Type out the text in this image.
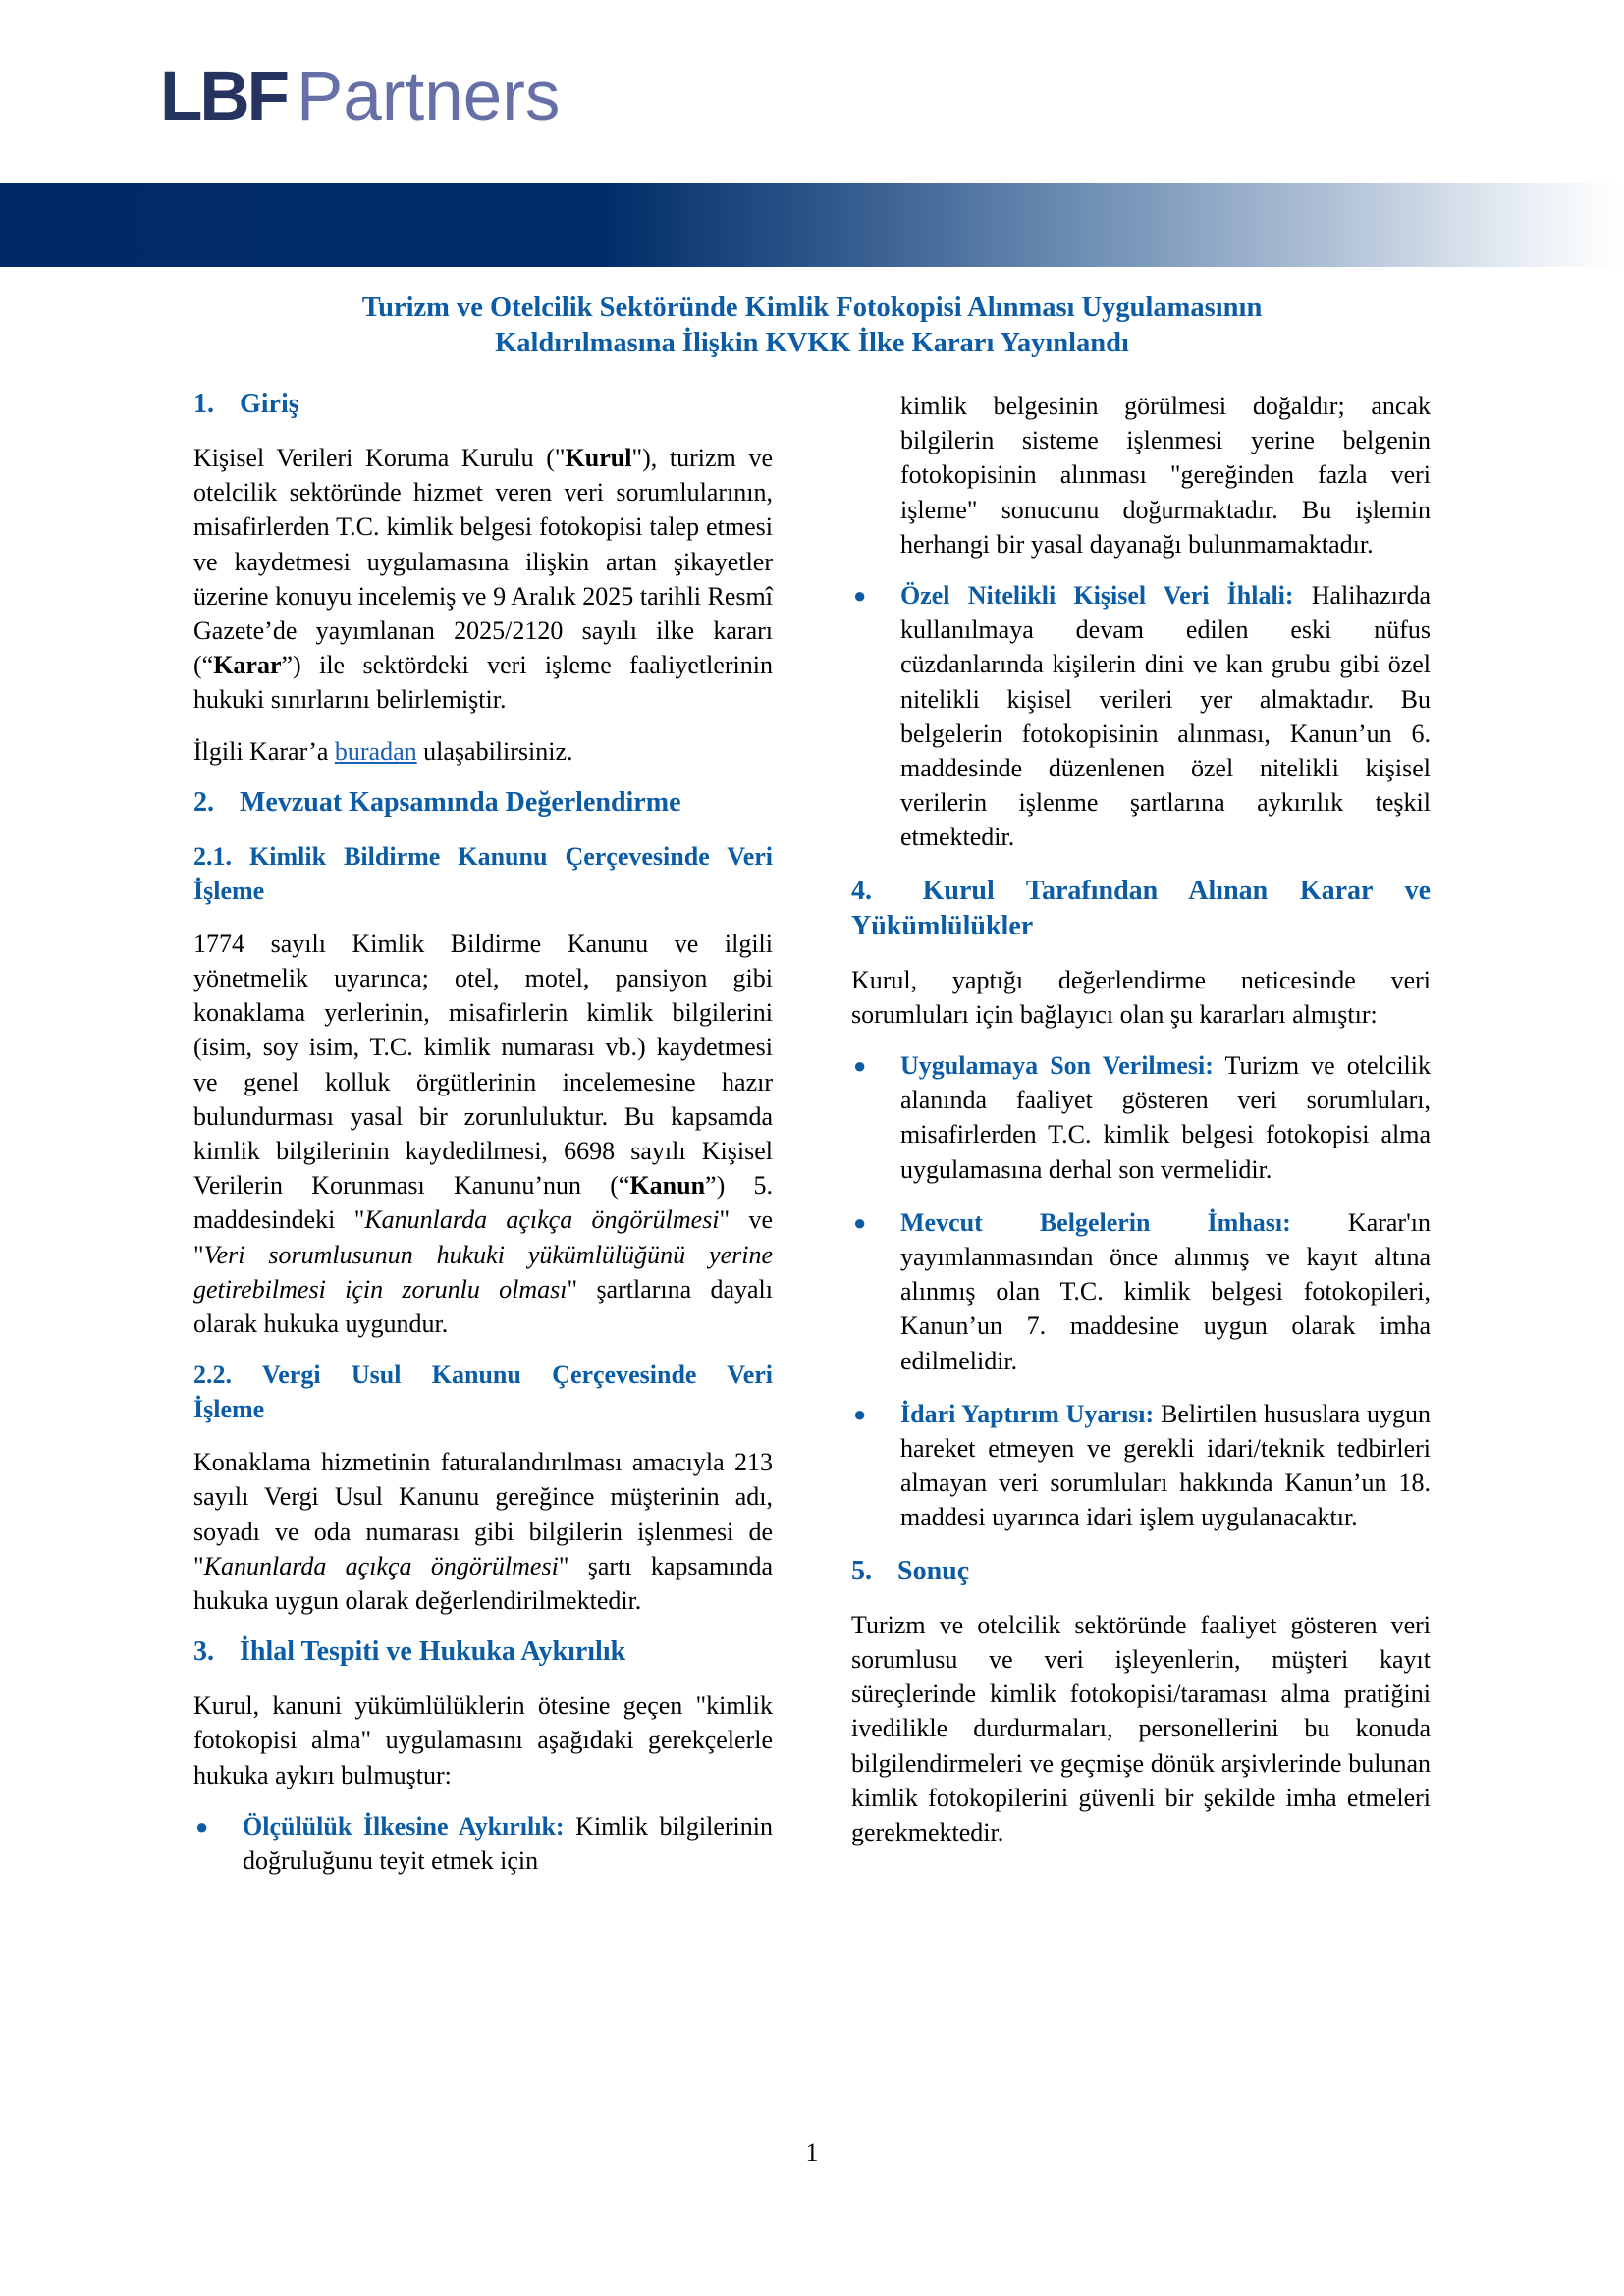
LBF Partners
Turizm ve Otelcilik Sektöründe Kimlik Fotokopisi Alınması Uygulamasının
Kaldırılmasına İlişkin KVKK İlke Kararı Yayınlandı
1. Giriş

Kişisel Verileri Koruma Kurulu ("Kurul"), turizm ve otelcilik sektöründe hizmet veren veri sorumlularının, misafirlerden T.C. kimlik belgesi fotokopisi talep etmesi ve kaydetmesi uygulamasına ilişkin artan şikayetler üzerine konuyu incelemiş ve 9 Aralık 2025 tarihli Resmî Gazete’de yayımlanan 2025/2120 sayılı ilke kararı (“Karar”) ile sektördeki veri işleme faaliyetlerinin hukuki sınırlarını belirlemiştir.

İlgili Karar’a buradan ulaşabilirsiniz.

2. Mevzuat Kapsamında Değerlendirme
2.1. Kimlik Bildirme Kanunu Çerçevesinde Veri İşleme

1774 sayılı Kimlik Bildirme Kanunu ve ilgili yönetmelik uyarınca; otel, motel, pansiyon gibi konaklama yerlerinin, misafirlerin kimlik bilgilerini (isim, soy isim, T.C. kimlik numarası vb.) kaydetmesi ve genel kolluk örgütlerinin incelemesine hazır bulundurması yasal bir zorunluluktur. Bu kapsamda kimlik bilgilerinin kaydedilmesi, 6698 sayılı Kişisel Verilerin Korunması Kanunu’nun (“Kanun”) 5. maddesindeki "Kanunlarda açıkça öngörülmesi" ve "Veri sorumlusunun hukuki yükümlülüğünü yerine getirebilmesi için zorunlu olması" şartlarına dayalı olarak hukuka uygundur.

2.2. Vergi Usul Kanunu Çerçevesinde Veri İşleme

Konaklama hizmetinin faturalandırılması amacıyla 213 sayılı Vergi Usul Kanunu gereğince müşterinin adı, soyadı ve oda numarası gibi bilgilerin işlenmesi de "Kanunlarda açıkça öngörülmesi" şartı kapsamında hukuka uygun olarak değerlendirilmektedir.

3. İhlal Tespiti ve Hukuka Aykırılık

Kurul, kanuni yükümlülüklerin ötesine geçen "kimlik fotokopisi alma" uygulamasını aşağıdaki gerekçelerle hukuka aykırı bulmuştur:

● Ölçülülük İlkesine Aykırılık: Kimlik bilgilerinin doğruluğunu teyit etmek için

kimlik belgesinin görülmesi doğaldır; ancak bilgilerin sisteme işlenmesi yerine belgenin fotokopisinin alınması "gereğinden fazla veri işleme" sonucunu doğurmaktadır. Bu işlemin herhangi bir yasal dayanağı bulunmamaktadır.

● Özel Nitelikli Kişisel Veri İhlali: Halihazırda kullanılmaya devam edilen eski nüfus cüzdanlarında kişilerin dini ve kan grubu gibi özel nitelikli kişisel verileri yer almaktadır. Bu belgelerin fotokopisinin alınması, Kanun’un 6. maddesinde düzenlenen özel nitelikli kişisel verilerin işlenme şartlarına aykırılık teşkil etmektedir.
4. Kurul Tarafından Alınan Karar ve Yükümlülükler

Kurul, yaptığı değerlendirme neticesinde veri sorumluları için bağlayıcı olan şu kararları almıştır:

● Uygulamaya Son Verilmesi: Turizm ve otelcilik alanında faaliyet gösteren veri sorumluları, misafirlerden T.C. kimlik belgesi fotokopisi alma uygulamasına derhal son vermelidir.
● Mevcut Belgelerin İmhası: Karar'ın yayımlanmasından önce alınmış ve kayıt altına alınmış olan T.C. kimlik belgesi fotokopileri, Kanun’un 7. maddesine uygun olarak imha edilmelidir.
● İdari Yaptırım Uyarısı: Belirtilen hususlara uygun hareket etmeyen ve gerekli idari/teknik tedbirleri almayan veri sorumluları hakkında Kanun’un 18. maddesi uyarınca idari işlem uygulanacaktır.
5. Sonuç

Turizm ve otelcilik sektöründe faaliyet gösteren veri sorumlusu ve veri işleyenlerin, müşteri kayıt süreçlerinde kimlik fotokopisi/taraması alma pratiğini ivedilikle durdurmaları, personellerini bu konuda bilgilendirmeleri ve geçmişe dönük arşivlerinde bulunan kimlik fotokopilerini güvenli bir şekilde imha etmeleri gerekmektedir.

1
